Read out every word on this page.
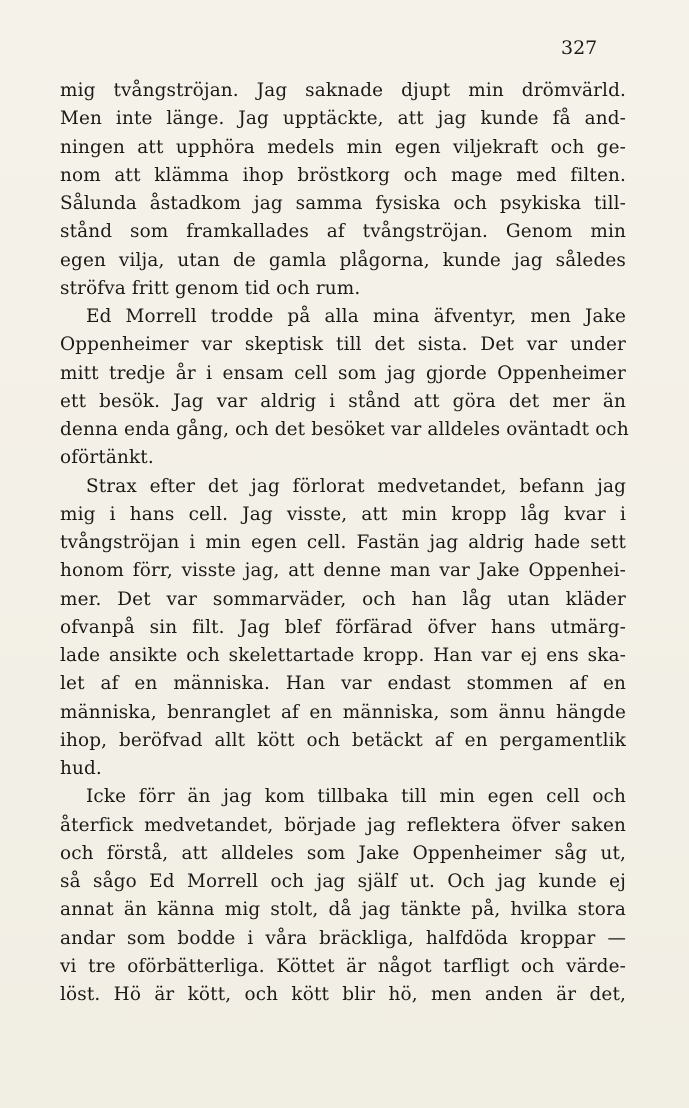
327
mig tvångströjan. Jag saknade djupt min drömvärld.
Men inte länge. Jag upptäckte, att jag kunde få and-
ningen att upphöra medels min egen viljekraft och ge-
nom att klämma ihop bröstkorg och mage med filten.
Sålunda åstadkom jag samma fysiska och psykiska till-
stånd som framkallades af tvångströjan. Genom min
egen vilja, utan de gamla plågorna, kunde jag således
ströfva fritt genom tid och rum.
Ed Morrell trodde på alla mina äfventyr, men Jake
Oppenheimer var skeptisk till det sista. Det var under
mitt tredje år i ensam cell som jag gjorde Oppenheimer
ett besök. Jag var aldrig i stånd att göra det mer än
denna enda gång, och det besöket var alldeles oväntadt och
oförtänkt.
Strax efter det jag förlorat medvetandet, befann jag
mig i hans cell. Jag visste, att min kropp låg kvar i
tvångströjan i min egen cell. Fastän jag aldrig hade sett
honom förr, visste jag, att denne man var Jake Oppenhei-
mer. Det var sommarväder, och han låg utan kläder
ofvanpå sin filt. Jag blef förfärad öfver hans utmärg-
lade ansikte och skelettartade kropp. Han var ej ens ska-
let af en människa. Han var endast stommen af en
människa, benranglet af en människa, som ännu hängde
ihop, beröfvad allt kött och betäckt af en pergamentlik
hud.
Icke förr än jag kom tillbaka till min egen cell och
återfick medvetandet, började jag reflektera öfver saken
och förstå, att alldeles som Jake Oppenheimer såg ut,
så sågo Ed Morrell och jag själf ut. Och jag kunde ej
annat än känna mig stolt, då jag tänkte på, hvilka stora
andar som bodde i våra bräckliga, halfdöda kroppar —
vi tre oförbätterliga. Köttet är något tarfligt och värde-
löst. Hö är kött, och kött blir hö, men anden är det,
